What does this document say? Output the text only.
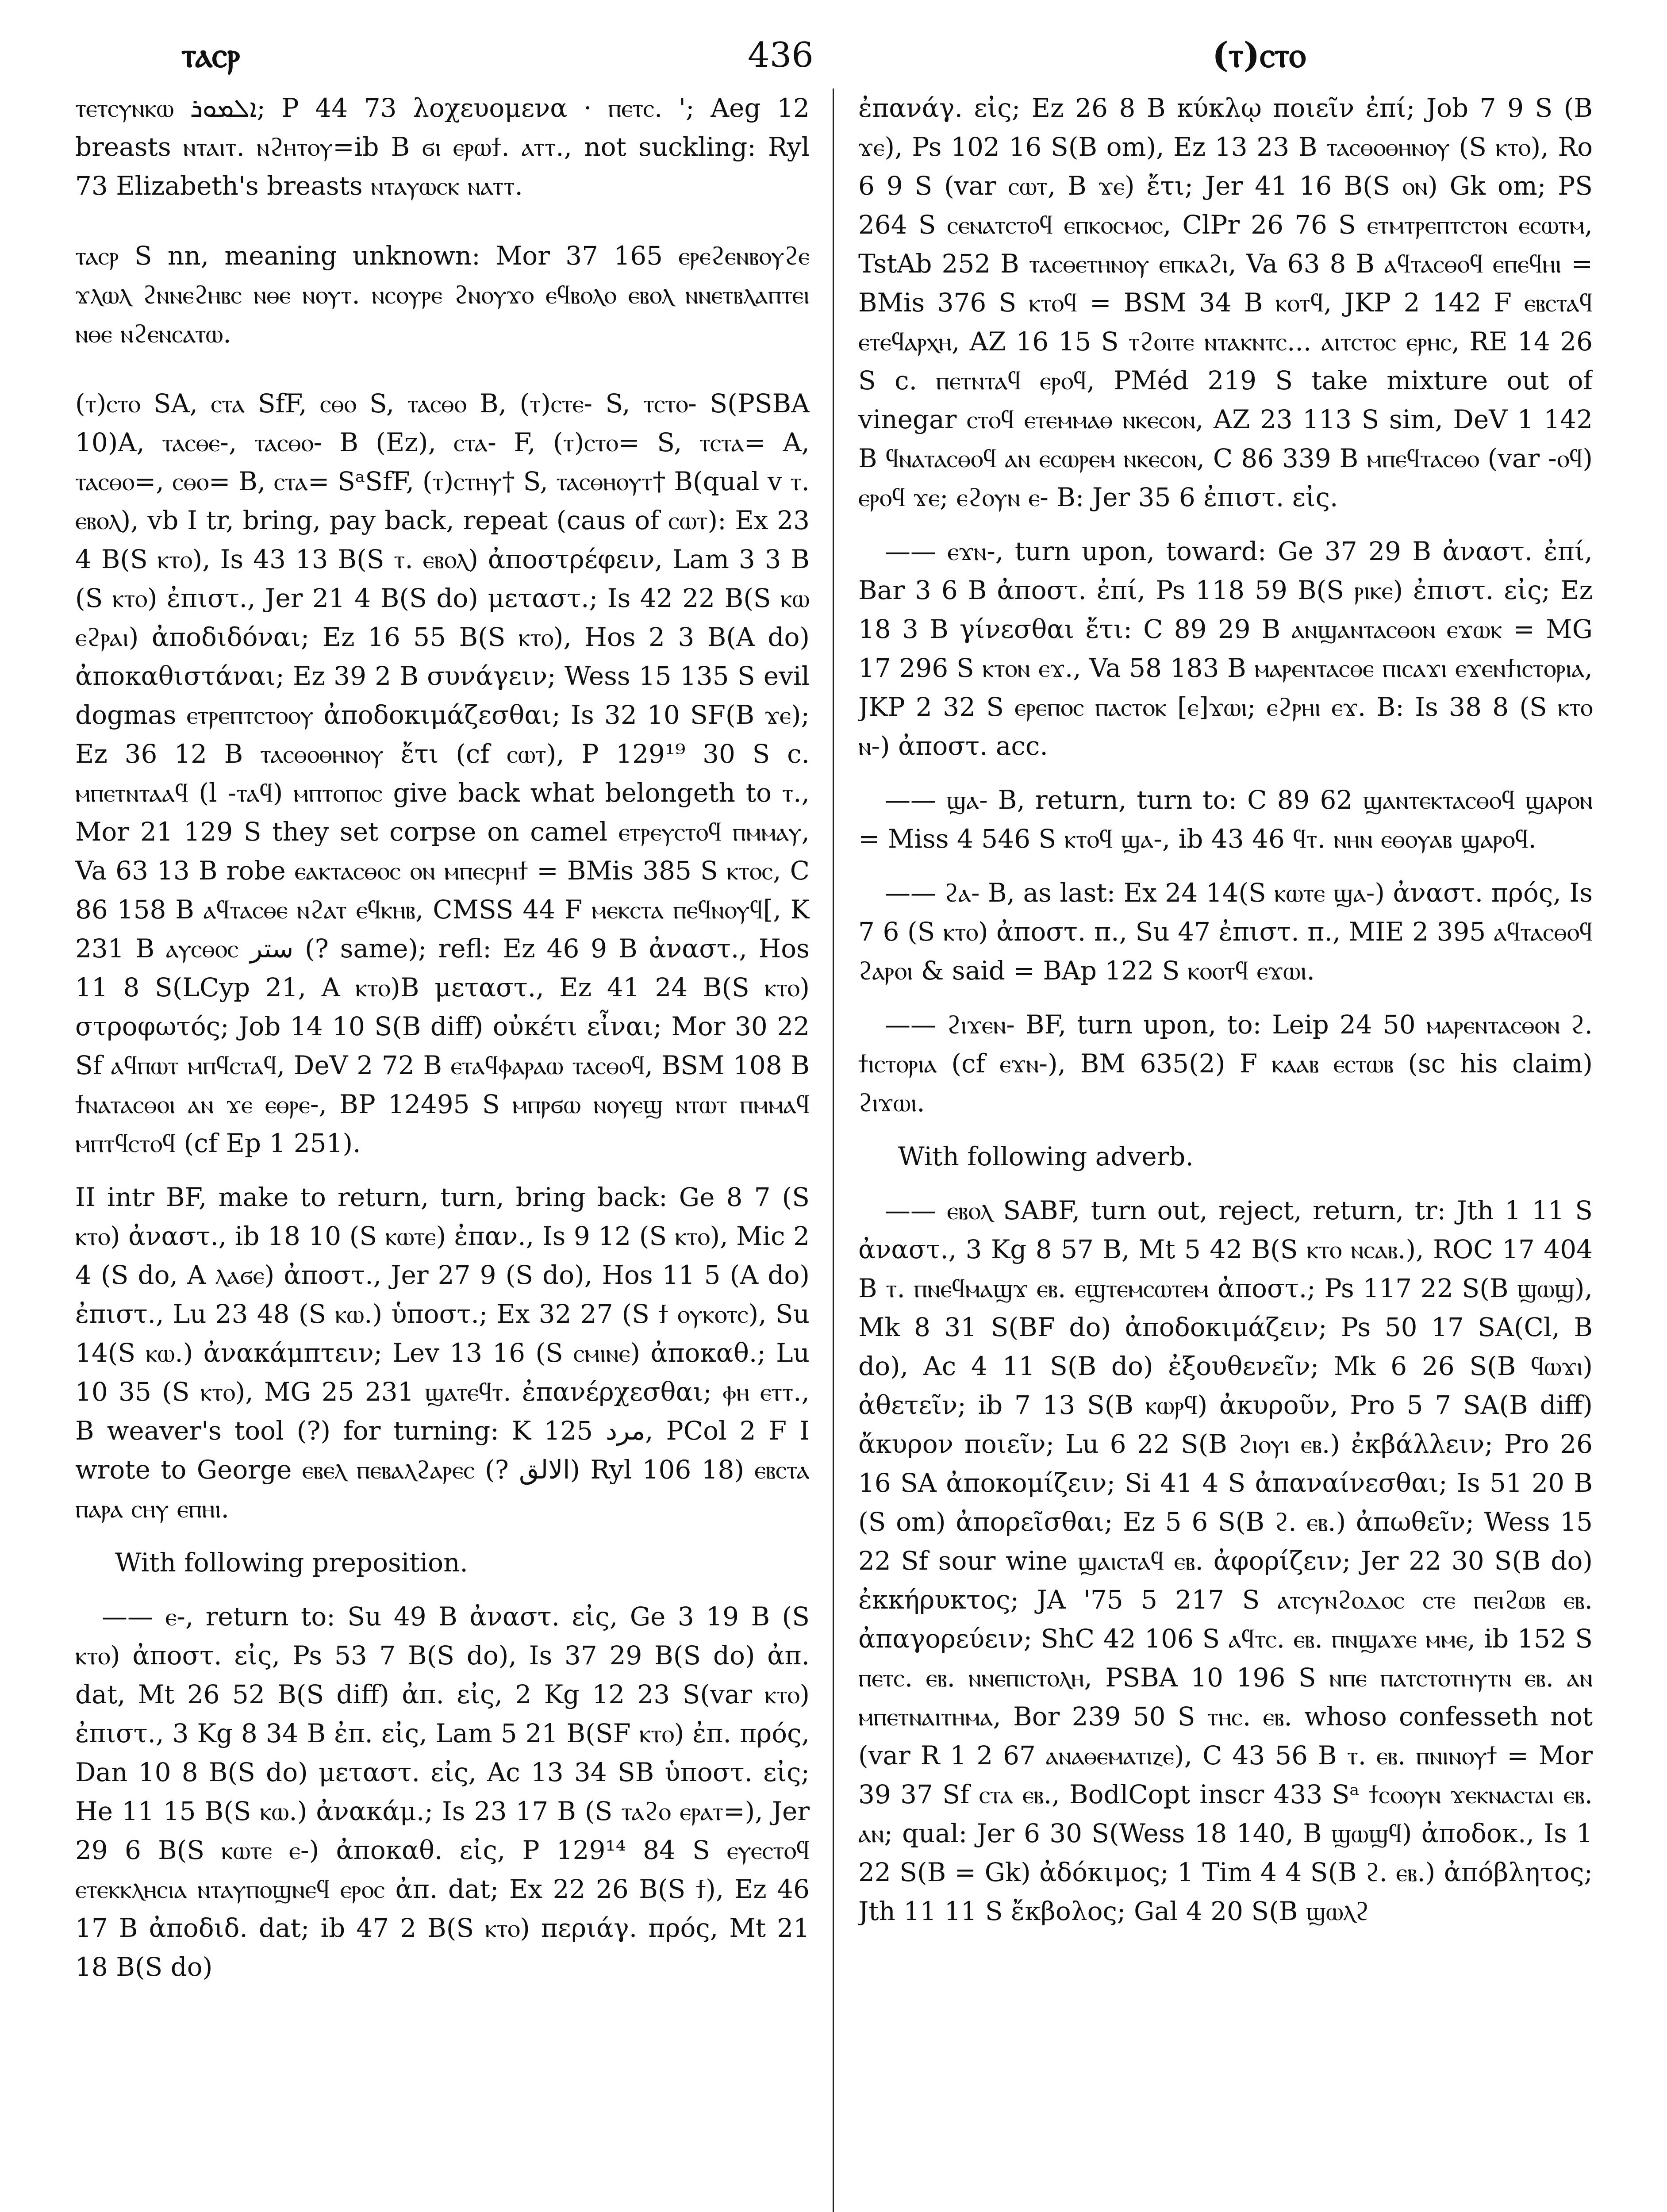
ⲧⲁⲥⲣ	436	(ⲧ)ⲥⲧⲟ

ⲧⲉⲧⲥⲩⲛⲕⲱ ܐܠܡܘܪ; P 44 73 λοχευομενα · ⲡⲉⲧⲥ. '; Aeg 12 breasts ⲛⲧⲁⲓⲧ. ⲛϩⲏⲧⲟⲩ=ib B ϭⲓ ⲉⲣⲱϯ. ⲁⲧⲧ., not suckling: Ryl 73 Elizabeth's breasts ⲛⲧⲁⲩⲱⲥⲕ ⲛⲁⲧⲧ.

ⲧⲁⲥⲣ S nn, meaning unknown: Mor 37 165 ⲉⲣⲉϩⲉⲛⲃⲟⲩϩⲉ ϫⲗⲱⲗ ϩⲛⲛⲉϩⲏⲃⲥ ⲛⲑⲉ ⲛⲟⲩⲧ. ⲛⲥⲟⲩⲣⲉ ϩⲛⲟⲩϫⲟ ⲉϥⲃⲟⲗⲟ ⲉⲃⲟⲗ ⲛⲛⲉⲧⲃⲗⲁⲡⲧⲉⲓ ⲛⲑⲉ ⲛϩⲉⲛⲥⲁⲧⲱ.

(ⲧ)ⲥⲧⲟ SA, ⲥⲧⲁ SfF, ⲥⲑⲟ S, ⲧⲁⲥⲑⲟ B, (ⲧ)ⲥⲧⲉ- S, ⲧⲥⲧⲟ- S(PSBA 10)A, ⲧⲁⲥⲑⲉ-, ⲧⲁⲥⲑⲟ- B (Ez), ⲥⲧⲁ- F, (ⲧ)ⲥⲧⲟ= S, ⲧⲥⲧⲁ= A, ⲧⲁⲥⲑⲟ=, ⲥⲑⲟ= B, ⲥⲧⲁ= SᵃSfF, (ⲧ)ⲥⲧⲏⲩ† S, ⲧⲁⲥⲑⲏⲟⲩⲧ† B(qual v ⲧ. ⲉⲃⲟⲗ), vb I tr, bring, pay back, repeat (caus of ⲥⲱⲧ): Ex 23 4 B(S ⲕⲧⲟ), Is 43 13 B(S ⲧ. ⲉⲃⲟⲗ) ἀποστρέφειν, Lam 3 3 B (S ⲕⲧⲟ) ἐπιστ., Jer 21 4 B(S do) μεταστ.; Is 42 22 B(S ⲕⲱ ⲉϩⲣⲁⲓ) ἀποδιδόναι; Ez 16 55 B(S ⲕⲧⲟ), Hos 2 3 B(A do) ἀποκαθιστάναι; Ez 39 2 B συνάγειν; Wess 15 135 S evil dogmas ⲉⲧⲣⲉⲡⲧⲥⲧⲟⲟⲩ ἀποδοκιμάζεσθαι; Is 32 10 SF(B ϫⲉ); Ez 36 12 B ⲧⲁⲥⲑⲟⲑⲏⲛⲟⲩ ἔτι (cf ⲥⲱⲧ), P 129¹⁹ 30 S c. ⲙⲡⲉⲧⲛⲧⲁⲁϥ (l -ⲧⲁϥ) ⲙⲡⲧⲟⲡⲟⲥ give back what belongeth to ⲧ., Mor 21 129 S they set corpse on camel ⲉⲧⲣⲉⲩⲥⲧⲟϥ ⲡⲙⲙⲁⲩ, Va 63 13 B robe ⲉⲁⲕⲧⲁⲥⲑⲟⲥ ⲟⲛ ⲙⲡⲉⲥⲣⲏϯ = BMis 385 S ⲕⲧⲟⲥ, C 86 158 B ⲁϥⲧⲁⲥⲑⲉ ⲛϩⲁⲧ ⲉϥⲕⲏⲃ, CMSS 44 F ⲙⲉⲕⲥⲧⲁ ⲡⲉϥⲛⲟⲩϥ[, K 231 B ⲁⲩⲥⲑⲟⲥ ستر (? same); refl: Ez 46 9 B ἀναστ., Hos 11 8 S(LCyp 21, A ⲕⲧⲟ)B μεταστ., Ez 41 24 B(S ⲕⲧⲟ) στροφωτός; Job 14 10 S(B diff) οὐκέτι εἶναι; Mor 30 22 Sf ⲁϥⲡⲱⲧ ⲙⲡϥⲥⲧⲁϥ, DeV 2 72 B ⲉⲧⲁϥⲫⲁⲣⲁⲱ ⲧⲁⲥⲑⲟϥ, BSM 108 B ϯⲛⲁⲧⲁⲥⲑⲟⲓ ⲁⲛ ϫⲉ ⲉⲑⲣⲉ-, BP 12495 S ⲙⲡⲣϭⲱ ⲛⲟⲩⲉϣ ⲛⲧⲱⲧ ⲡⲙⲙⲁϥ ⲙⲡⲧϥⲥⲧⲟϥ (cf Ep 1 251).

II intr BF, make to return, turn, bring back: Ge 8 7 (S ⲕⲧⲟ) ἀναστ., ib 18 10 (S ⲕⲱⲧⲉ) ἐπαν., Is 9 12 (S ⲕⲧⲟ), Mic 2 4 (S do, A ⲗⲁϭⲉ) ἀποστ., Jer 27 9 (S do), Hos 11 5 (A do) ἐπιστ., Lu 23 48 (S ⲕⲱ.) ὑποστ.; Ex 32 27 (S ϯ ⲟⲩⲕⲟⲧⲥ), Su 14(S ⲕⲱ.) ἀνακάμπτειν; Lev 13 16 (S ⲥⲙⲓⲛⲉ) ἀποκαθ.; Lu 10 35 (S ⲕⲧⲟ), MG 25 231 ϣⲁⲧⲉϥⲧ. ἐπανέρχεσθαι; ⲫⲏ ⲉⲧⲧ., B weaver's tool (?) for turning: K 125 مرد, PCol 2 F I wrote to George ⲉⲃⲉⲗ ⲡⲉⲃⲁⲗϩⲁⲣⲉⲥ (? الالق) Ryl 106 18) ⲉⲃⲥⲧⲁ ⲡⲁⲣⲁ ⲥⲏⲩ ⲉⲡⲏⲓ.

With following preposition.

—— ⲉ-, return to: Su 49 B ἀναστ. εἰς, Ge 3 19 B (S ⲕⲧⲟ) ἀποστ. εἰς, Ps 53 7 B(S do), Is 37 29 B(S do) ἀπ. dat, Mt 26 52 B(S diff) ἀπ. εἰς, 2 Kg 12 23 S(var ⲕⲧⲟ) ἐπιστ., 3 Kg 8 34 B ἐπ. εἰς, Lam 5 21 B(SF ⲕⲧⲟ) ἐπ. πρός, Dan 10 8 B(S do) μεταστ. εἰς, Ac 13 34 SB ὑποστ. εἰς; He 11 15 B(S ⲕⲱ.) ἀνακάμ.; Is 23 17 B (S ⲧⲁϩⲟ ⲉⲣⲁⲧ=), Jer 29 6 B(S ⲕⲱⲧⲉ ⲉ-) ἀποκαθ. εἰς, P 129¹⁴ 84 S ⲉⲩⲉⲥⲧⲟϥ ⲉⲧⲉⲕⲕⲗⲏⲥⲓⲁ ⲛⲧⲁⲩⲡⲟϣⲛⲉϥ ⲉⲣⲟⲥ ἀπ. dat; Ex 22 26 B(S ϯ), Ez 46 17 B ἀποδιδ. dat; ib 47 2 B(S ⲕⲧⲟ) περιάγ. πρός, Mt 21 18 B(S do)

ἐπανάγ. εἰς; Ez 26 8 B κύκλῳ ποιεῖν ἐπί; Job 7 9 S (B ϫⲉ), Ps 102 16 S(B om), Ez 13 23 B ⲧⲁⲥⲑⲟⲑⲏⲛⲟⲩ (S ⲕⲧⲟ), Ro 6 9 S (var ⲥⲱⲧ, B ϫⲉ) ἔτι; Jer 41 16 B(S ⲟⲛ) Gk om; PS 264 S ⲥⲉⲛⲁⲧⲥⲧⲟϥ ⲉⲡⲕⲟⲥⲙⲟⲥ, ClPr 26 76 S ⲉⲧⲙⲧⲣⲉⲡⲧⲥⲧⲟⲛ ⲉⲥⲱⲧⲙ, TstAb 252 B ⲧⲁⲥⲑⲉⲧⲏⲛⲟⲩ ⲉⲡⲕⲁϩⲓ, Va 63 8 B ⲁϥⲧⲁⲥⲑⲟϥ ⲉⲡⲉϥⲏⲓ = BMis 376 S ⲕⲧⲟϥ = BSM 34 B ⲕⲟⲧϥ, JKP 2 142 F ⲉⲃⲥⲧⲁϥ ⲉⲧⲉϥⲁⲣⲭⲏ, AZ 16 15 S ⲧϩⲟⲓⲧⲉ ⲛⲧⲁⲕⲛⲧⲥ... ⲁⲓⲧⲥⲧⲟⲥ ⲉⲣⲏⲥ, RE 14 26 S c. ⲡⲉⲧⲛⲧⲁϥ ⲉⲣⲟϥ, PMéd 219 S take mixture out of vinegar ⲥⲧⲟϥ ⲉⲧⲉⲙⲙⲁⲑ ⲛⲕⲉⲥⲟⲛ, AZ 23 113 S sim, DeV 1 142 B ϥⲛⲁⲧⲁⲥⲑⲟϥ ⲁⲛ ⲉⲥⲱⲣⲉⲙ ⲛⲕⲉⲥⲟⲛ, C 86 339 B ⲙⲡⲉϥⲧⲁⲥⲑⲟ (var -ⲟϥ) ⲉⲣⲟϥ ϫⲉ; ⲉϩⲟⲩⲛ ⲉ- B: Jer 35 6 ἐπιστ. εἰς.

—— ⲉϫⲛ-, turn upon, toward: Ge 37 29 B ἀναστ. ἐπί, Bar 3 6 B ἀποστ. ἐπί, Ps 118 59 B(S ⲣⲓⲕⲉ) ἐπιστ. εἰς; Ez 18 3 B γίνεσθαι ἔτι: C 89 29 B ⲁⲛϣⲁⲛⲧⲁⲥⲑⲟⲛ ⲉϫⲱⲕ = MG 17 296 S ⲕⲧⲟⲛ ⲉϫ., Va 58 183 B ⲙⲁⲣⲉⲛⲧⲁⲥⲑⲉ ⲡⲓⲥⲁϫⲓ ⲉϫⲉⲛϯⲓⲥⲧⲟⲣⲓⲁ, JKP 2 32 S ⲉⲣⲉⲡⲟⲥ ⲡⲁⲥⲧⲟⲕ [ⲉ]ϫⲱⲓ; ⲉϩⲣⲏⲓ ⲉϫ. B: Is 38 8 (S ⲕⲧⲟ ⲛ-) ἀποστ. acc.

—— ϣⲁ- B, return, turn to: C 89 62 ϣⲁⲛⲧⲉⲕⲧⲁⲥⲑⲟϥ ϣⲁⲣⲟⲛ = Miss 4 546 S ⲕⲧⲟϥ ϣⲁ-, ib 43 46 ϥⲧ. ⲛⲏⲛ ⲉⲑⲟⲩⲁⲃ ϣⲁⲣⲟϥ.

—— ϩⲁ- B, as last: Ex 24 14(S ⲕⲱⲧⲉ ϣⲁ-) ἀναστ. πρός, Is 7 6 (S ⲕⲧⲟ) ἀποστ. π., Su 47 ἐπιστ. π., MIE 2 395 ⲁϥⲧⲁⲥⲑⲟϥ ϩⲁⲣⲟⲓ & said = BAp 122 S ⲕⲟⲟⲧϥ ⲉϫⲱⲓ.

—— ϩⲓϫⲉⲛ- BF, turn upon, to: Leip 24 50 ⲙⲁⲣⲉⲛⲧⲁⲥⲑⲟⲛ ϩ. ϯⲓⲥⲧⲟⲣⲓⲁ (cf ⲉϫⲛ-), BM 635(2) F ⲕⲁⲁⲃ ⲉⲥⲧⲱⲃ (sc his claim) ϩⲓϫⲱⲓ.

With following adverb.

—— ⲉⲃⲟⲗ SABF, turn out, reject, return, tr: Jth 1 11 S ἀναστ., 3 Kg 8 57 B, Mt 5 42 B(S ⲕⲧⲟ ⲛⲥⲁⲃ.), ROC 17 404 B ⲧ. ⲡⲛⲉϥⲙⲁϣϫ ⲉⲃ. ⲉϣⲧⲉⲙⲥⲱⲧⲉⲙ ἀποστ.; Ps 117 22 S(B ϣⲱϣ), Mk 8 31 S(BF do) ἀποδοκιμάζειν; Ps 50 17 SA(Cl, B do), Ac 4 11 S(B do) ἐξουθενεῖν; Mk 6 26 S(B ϥⲱϫⲓ) ἀθετεῖν; ib 7 13 S(B ⲕⲱⲣϥ) ἀκυροῦν, Pro 5 7 SA(B diff) ἄκυρον ποιεῖν; Lu 6 22 S(B ϩⲓⲟⲩⲓ ⲉⲃ.) ἐκβάλλειν; Pro 26 16 SA ἀποκομίζειν; Si 41 4 S ἀπαναίνεσθαι; Is 51 20 B (S om) ἀπορεῖσθαι; Ez 5 6 S(B ϩ. ⲉⲃ.) ἀπωθεῖν; Wess 15 22 Sf sour wine ϣⲁⲓⲥⲧⲁϥ ⲉⲃ. ἀφορίζειν; Jer 22 30 S(B do) ἐκκήρυκτος; JA '75 5 217 S ⲁⲧⲥⲩⲛϩⲟⲇⲟⲥ ⲥⲧⲉ ⲡⲉⲓϩⲱⲃ ⲉⲃ. ἀπαγορεύειν; ShC 42 106 S ⲁϥⲧⲥ. ⲉⲃ. ⲡⲛϣⲁϫⲉ ⲙⲙⲉ, ib 152 S ⲡⲉⲧⲥ. ⲉⲃ. ⲛⲛⲉⲡⲓⲥⲧⲟⲗⲏ, PSBA 10 196 S ⲛⲡⲉ ⲡⲁⲧⲥⲧⲟⲧⲏⲩⲧⲛ ⲉⲃ. ⲁⲛ ⲙⲡⲉⲧⲛⲁⲓⲧⲏⲙⲁ, Bor 239 50 S ⲧⲏⲥ. ⲉⲃ. whoso confesseth not (var R 1 2 67 ⲁⲛⲁⲑⲉⲙⲁⲧⲓⲍⲉ), C 43 56 B ⲧ. ⲉⲃ. ⲡⲛⲓⲛⲟⲩϯ = Mor 39 37 Sf ⲥⲧⲁ ⲉⲃ., BodlCopt inscr 433 Sᵃ ϯⲥⲟⲟⲩⲛ ϫⲉⲕⲛⲁⲥⲧⲁⲓ ⲉⲃ. ⲁⲛ; qual: Jer 6 30 S(Wess 18 140, B ϣⲱϣϥ) ἀποδοκ., Is 1 22 S(B = Gk) ἀδόκιμος; 1 Tim 4 4 S(B ϩ. ⲉⲃ.) ἀπόβλητος; Jth 11 11 S ἔκβολος; Gal 4 20 S(B ϣⲱⲗϩ
